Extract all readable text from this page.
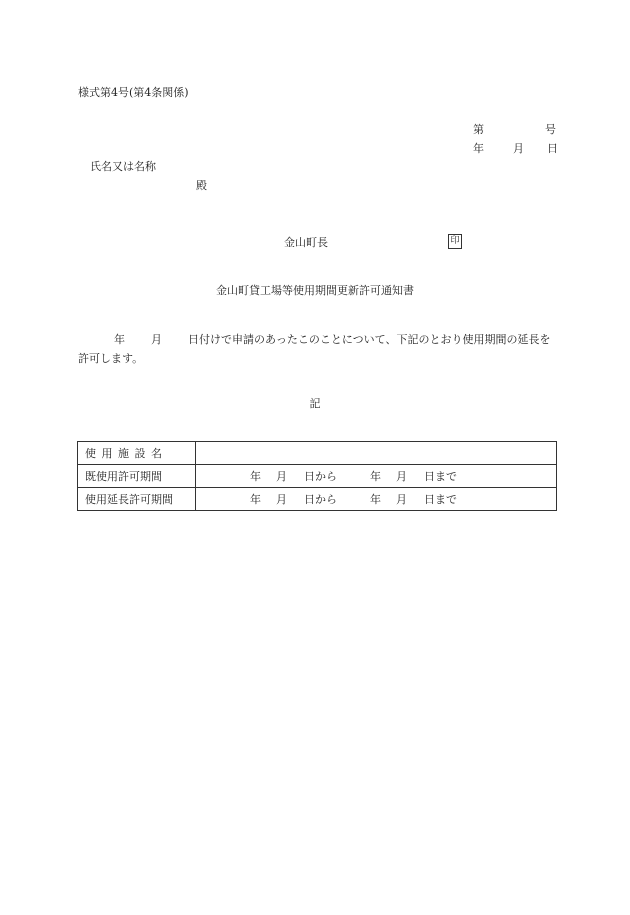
様式第4号(第4条関係)
第	号
年	月 日
氏名又は名称
殿
金山町長	印
金山町貸工場等使用期間更新許可通知書
年 月 日付けで申請のあったこのことについて、下記のとおり使用期間の延長を許可します。
記
使用施設名	
既使用許可期間	年 月 日から 年 月 日まで
使用延長許可期間	年 月 日から 年 月 日まで
